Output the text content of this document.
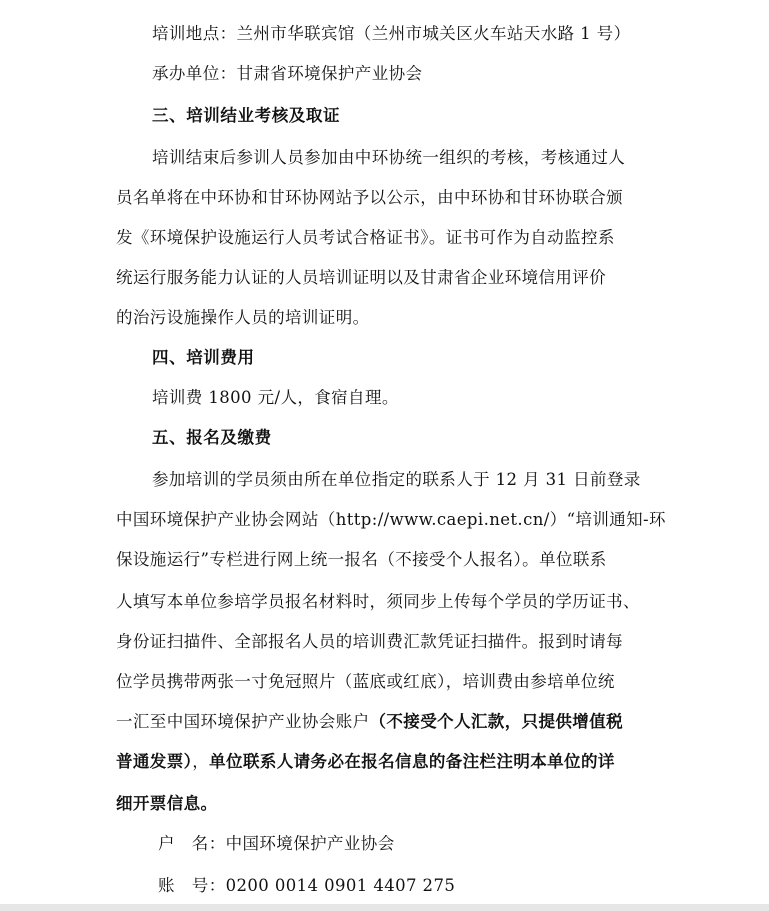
培训地点：兰州市华联宾馆（兰州市城关区火车站天水路 1 号）
承办单位：甘肃省环境保护产业协会
三、培训结业考核及取证
培训结束后参训人员参加由中环协统一组织的考核，考核通过人
员名单将在中环协和甘环协网站予以公示，由中环协和甘环协联合颁
发《环境保护设施运行人员考试合格证书》。证书可作为自动监控系
统运行服务能力认证的人员培训证明以及甘肃省企业环境信用评价
的治污设施操作人员的培训证明。
四、培训费用
培训费 1800 元/人，食宿自理。
五、报名及缴费
参加培训的学员须由所在单位指定的联系人于 12 月 31 日前登录
中国环境保护产业协会网站（http://www.caepi.net.cn/）“培训通知-环
保设施运行”专栏进行网上统一报名（不接受个人报名）。单位联系
人填写本单位参培学员报名材料时，须同步上传每个学员的学历证书、
身份证扫描件、全部报名人员的培训费汇款凭证扫描件。报到时请每
位学员携带两张一寸免冠照片（蓝底或红底），培训费由参培单位统
一汇至中国环境保护产业协会账户（不接受个人汇款，只提供增值税
普通发票），单位联系人请务必在报名信息的备注栏注明本单位的详
细开票信息。
户　名：中国环境保护产业协会
账　号：0200 0014 0901 4407 275
